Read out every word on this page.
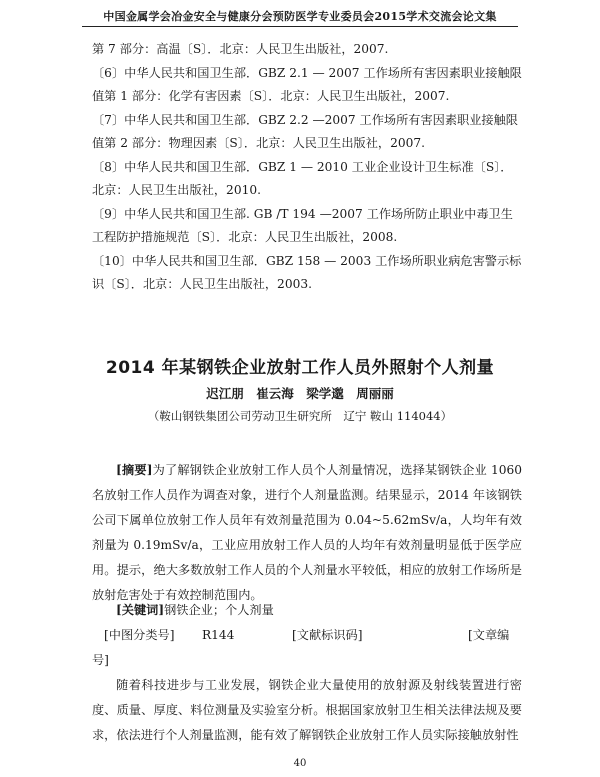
中国金属学会冶金安全与健康分会预防医学专业委员会2015学术交流会论文集

第 7 部分：高温〔S〕．北京：人民卫生出版社，2007.

〔6〕中华人民共和国卫生部．GBZ 2.1 — 2007 工作场所有害因素职业接触限值第 1 部分：化学有害因素〔S〕．北京：人民卫生出版社，2007.

〔7〕中华人民共和国卫生部．GBZ 2.2 —2007 工作场所有害因素职业接触限值第 2 部分：物理因素〔S〕．北京：人民卫生出版社，2007.

〔8〕中华人民共和国卫生部．GBZ 1 — 2010 工业企业设计卫生标准〔S〕．北京：人民卫生出版社，2010.

〔9〕中华人民共和国卫生部. GB /T 194 —2007 工作场所防止职业中毒卫生工程防护措施规范〔S〕．北京：人民卫生出版社，2008.

〔10〕中华人民共和国卫生部．GBZ 158 — 2003 工作场所职业病危害警示标识〔S〕．北京：人民卫生出版社，2003.

2014 年某钢铁企业放射工作人员外照射个人剂量
迟江朋　崔云海　梁学邈　周丽丽
（鞍山钢铁集团公司劳动卫生研究所　辽宁 鞍山 114044）
[摘要]为了解钢铁企业放射工作人员个人剂量情况，选择某钢铁企业 1060 名放射工作人员作为调查对象，进行个人剂量监测。结果显示，2014 年该钢铁公司下属单位放射工作人员年有效剂量范围为 0.04~5.62mSv/a，人均年有效剂量为 0.19mSv/a，工业应用放射工作人员的人均年有效剂量明显低于医学应用。提示，绝大多数放射工作人员的个人剂量水平较低，相应的放射工作场所是放射危害处于有效控制范围内。
[关键词]钢铁企业；个人剂量
[中图分类号] R144	[文献标识码]	[文章编
号]
随着科技进步与工业发展，钢铁企业大量使用的放射源及射线装置进行密度、质量、厚度、料位测量及实验室分析。根据国家放射卫生相关法律法规及要求，依法进行个人剂量监测，能有效了解钢铁企业放射工作人员实际接触放射性
40
